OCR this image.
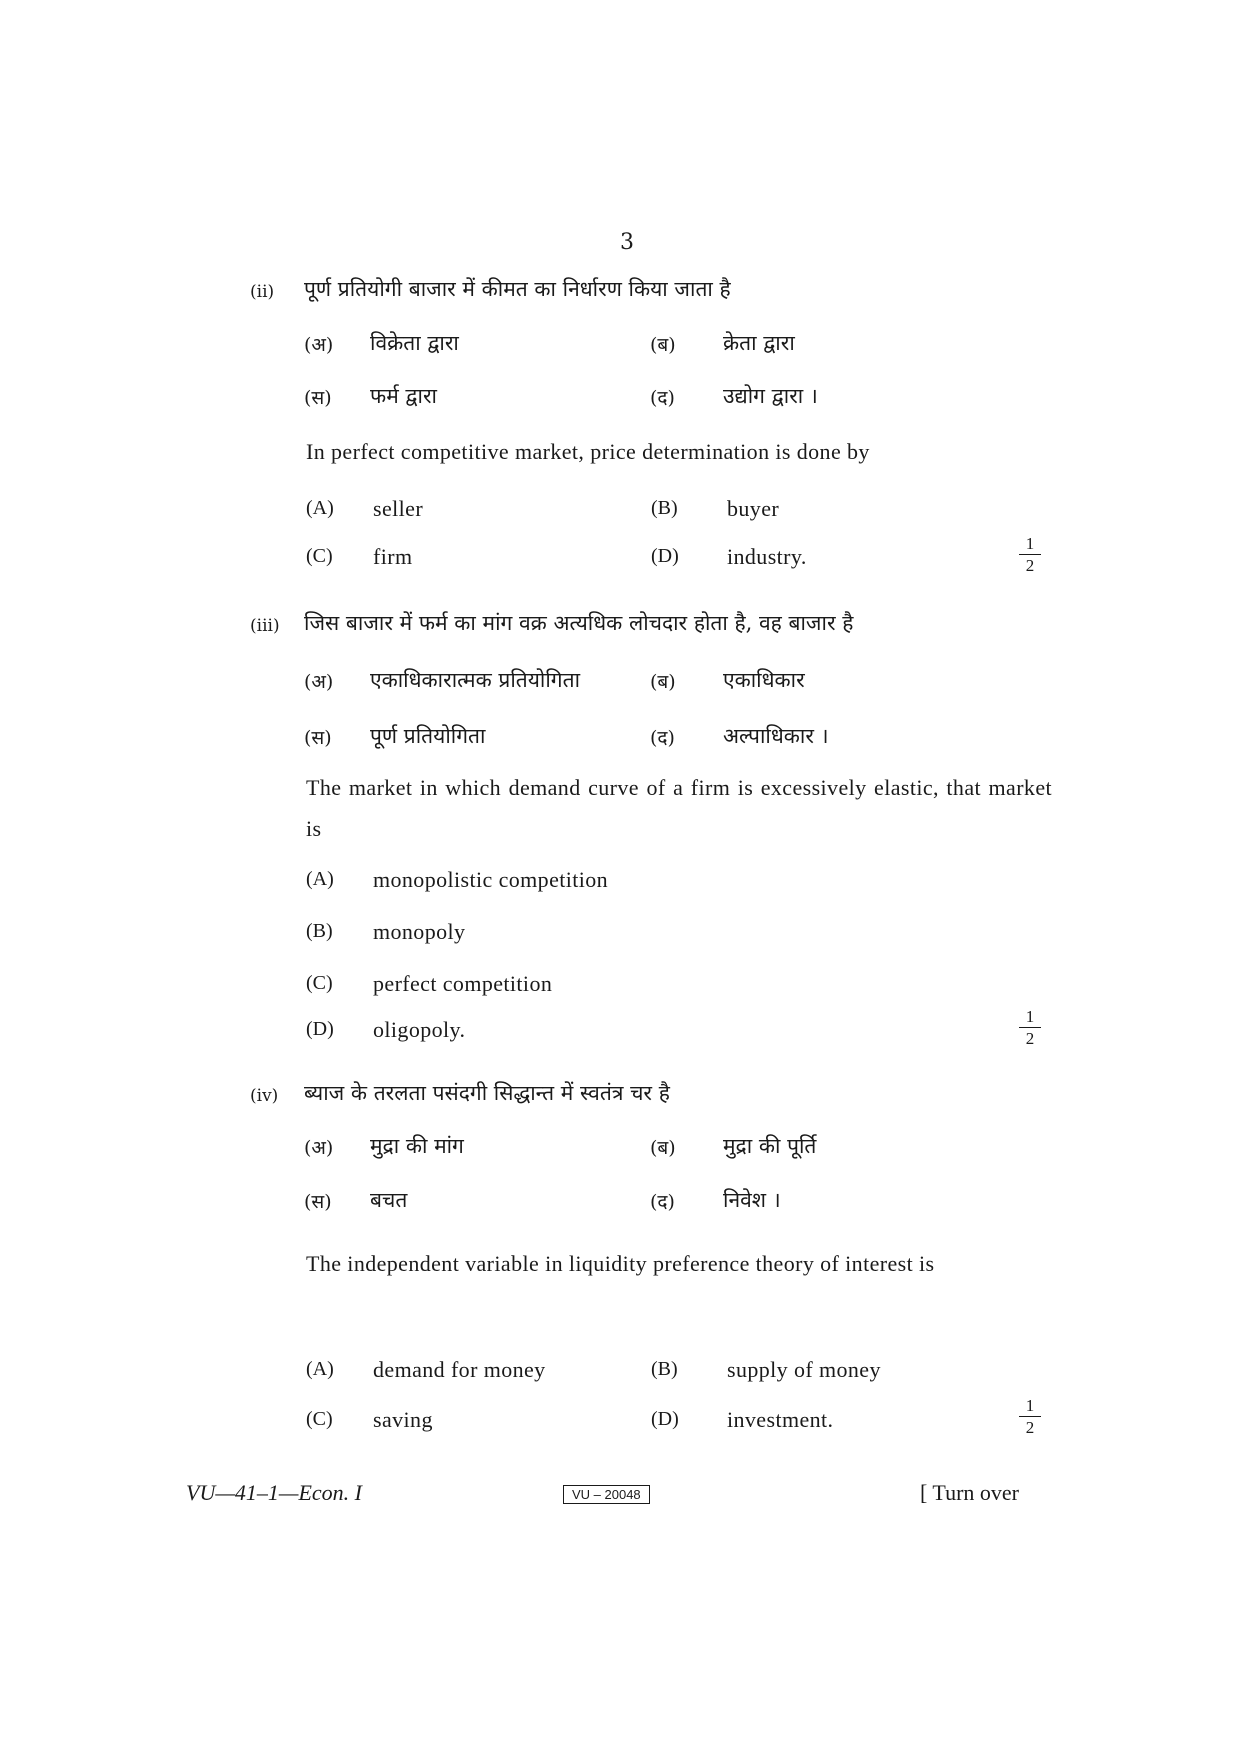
3
(ii) पूर्ण प्रतियोगी बाजार में कीमत का निर्धारण किया जाता है
(अ) विक्रेता द्वारा	(ब) क्रेता द्वारा
(स) फर्म द्वारा	(द) उद्योग द्वारा ।
In perfect competitive market, price determination is done by
(A) seller	(B) buyer
(C) firm	(D) industry.
1
2
(iii) जिस बाजार में फर्म का मांग वक्र अत्यधिक लोचदार होता है, वह बाजार है
(अ) एकाधिकारात्मक प्रतियोगिता	(ब) एकाधिकार
(स) पूर्ण प्रतियोगिता	(द) अल्पाधिकार ।
The market in which demand curve of a firm is excessively elastic, that market is
(A) monopolistic competition
(B) monopoly
(C) perfect competition
(D) oligopoly.
1
2
(iv) ब्याज के तरलता पसंदगी सिद्धान्त में स्वतंत्र चर है
(अ) मुद्रा की मांग	(ब) मुद्रा की पूर्ति
(स) बचत	(द) निवेश ।
The independent variable in liquidity preference theory of interest is
(A) demand for money	(B) supply of money
(C) saving	(D) investment.
1
2
VU—41–1—Econ. I	VU – 20048	[ Turn over
